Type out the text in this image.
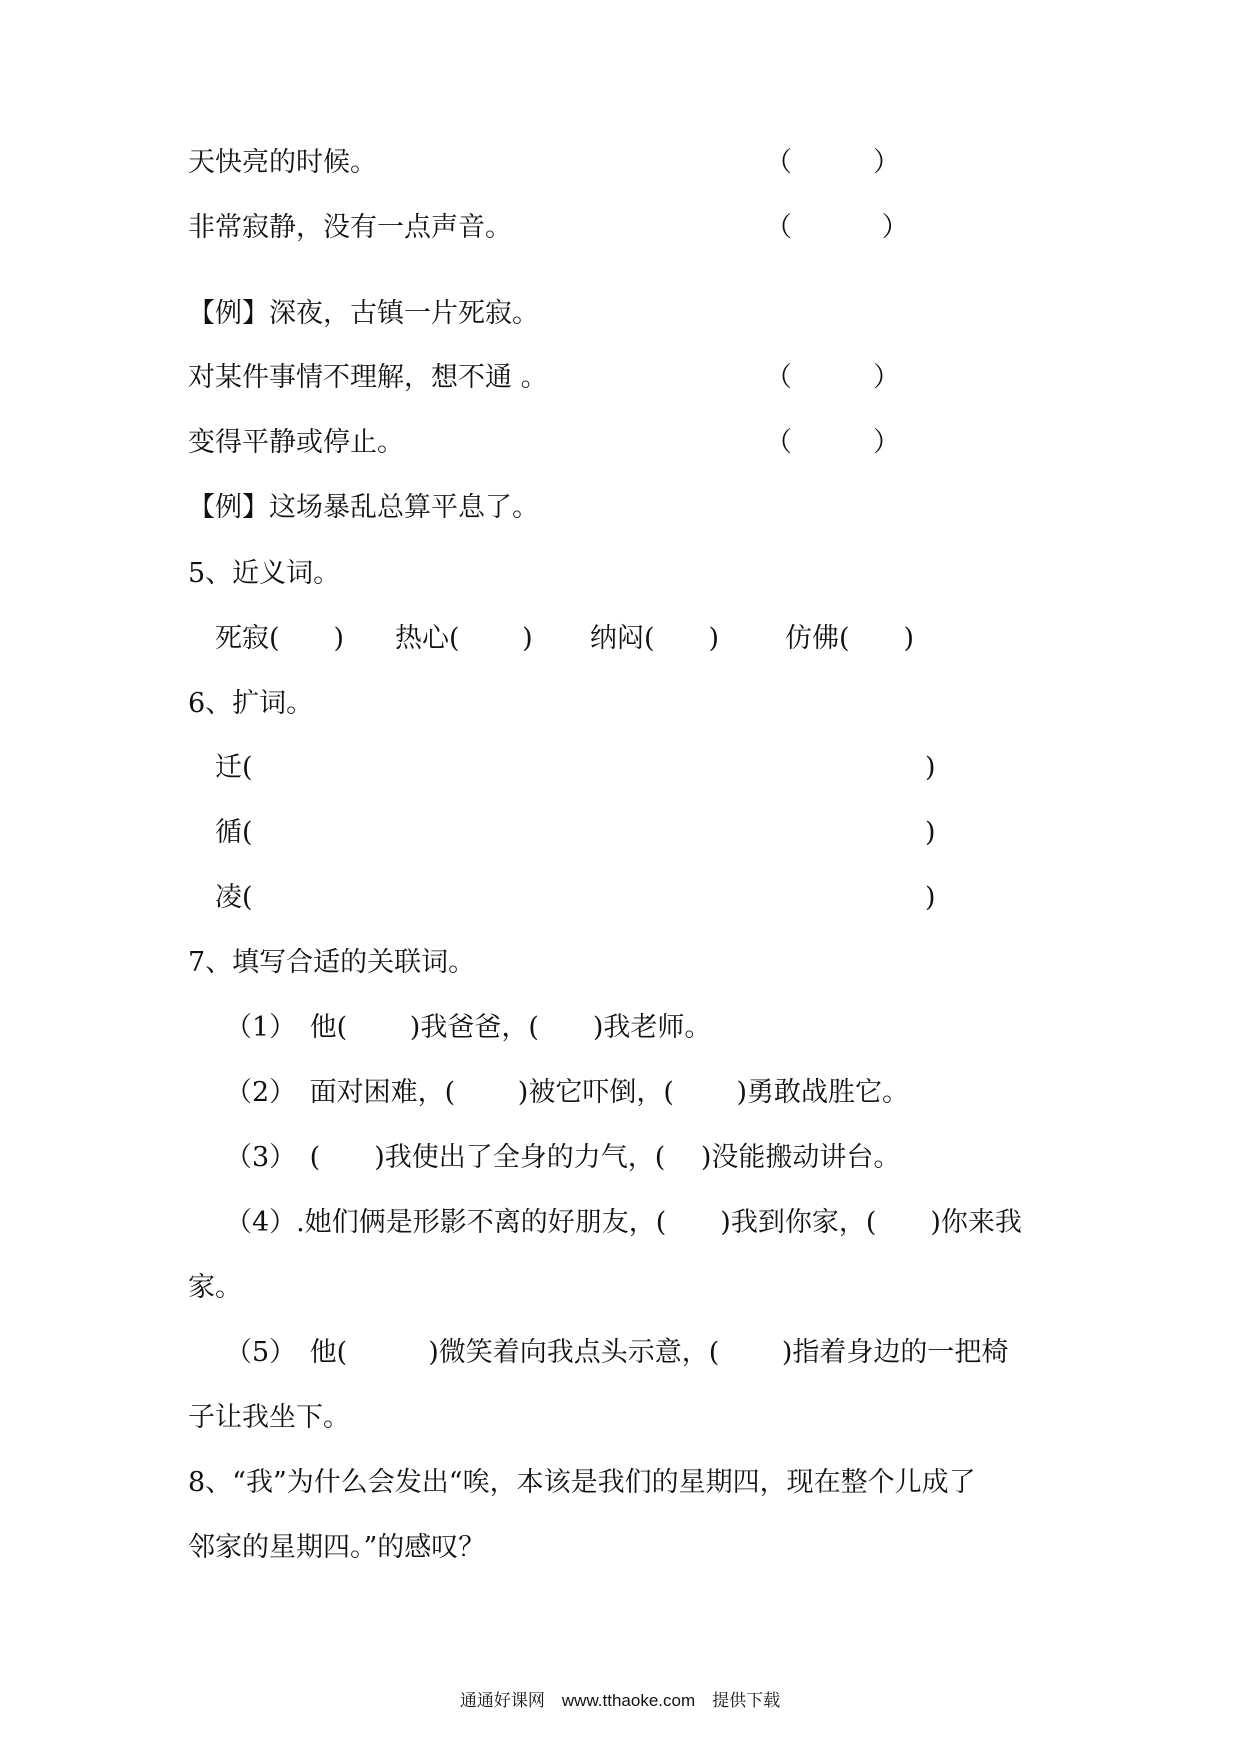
天快亮的时候。	（　　　）
非常寂静，没有一点声音。	（　　　 ）
【例】深夜，古镇一片死寂。
对某件事情不理解，想不通 。	（　　　）
变得平静或停止。	（　　　）
【例】这场暴乱总算平息了。
5、近义词。
死寂(　　) 热心(　　 ) 纳闷(　　) 仿佛(　　)
6、扩词。
迁(	)
循(	)
凌(	)
7、填写合适的关联词。
（1）　他(　　 )我爸爸，(　　)我老师。
（2）　面对困难，(　　 )被它吓倒，(　　 )勇敢战胜它。
（3）　(　　)我使出了全身的力气，(　 )没能搬动讲台。
（4）.她们俩是形影不离的好朋友，(　　)我到你家，(　　)你来我
家。
（5）　他(　　　)微笑着向我点头示意，(　　 )指着身边的一把椅
子让我坐下。
8、“我”为什么会发出“唉，本该是我们的星期四，现在整个儿成了
邻家的星期四。”的感叹？
通通好课网　www.tthaoke.com　提供下载
